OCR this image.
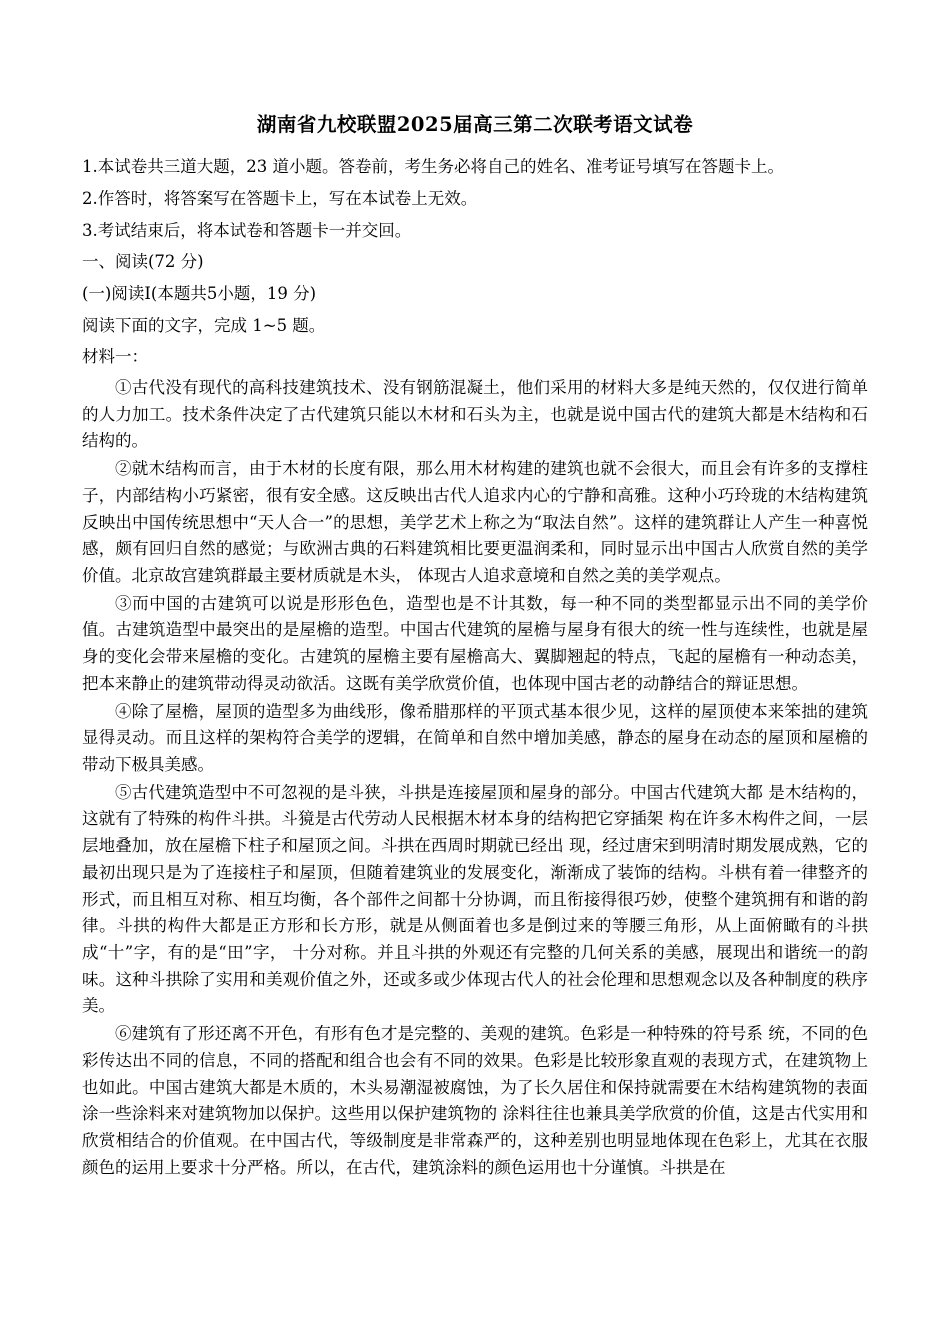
湖南省九校联盟2025届高三第二次联考语文试卷

1.本试卷共三道大题，23 道小题。答卷前，考生务必将自己的姓名、准考证号填写在答题卡上。

2.作答时，将答案写在答题卡上，写在本试卷上无效。

3.考试结束后，将本试卷和答题卡一并交回。

一、阅读(72 分)

(一)阅读Ⅰ(本题共5小题，19 分)

阅读下面的文字，完成 1~5 题。

材料一：

①古代没有现代的高科技建筑技术、没有钢筋混凝土，他们采用的材料大多是纯天然的，仅仅进行简单的人力加工。技术条件决定了古代建筑只能以木材和石头为主，也就是说中国古代的建筑大都是木结构和石结构的。

②就木结构而言，由于木材的长度有限，那么用木材构建的建筑也就不会很大，而且会有许多的支撑柱子，内部结构小巧紧密，很有安全感。这反映出古代人追求内心的宁静和高雅。这种小巧玲珑的木结构建筑反映出中国传统思想中“天人合一”的思想，美学艺术上称之为“取法自然”。这样的建筑群让人产生一种喜悦感，颇有回归自然的感觉；与欧洲古典的石料建筑相比要更温润柔和，同时显示出中国古人欣赏自然的美学价值。北京故宫建筑群最主要材质就是木头， 体现古人追求意境和自然之美的美学观点。

③而中国的古建筑可以说是形形色色，造型也是不计其数，每一种不同的类型都显示出不同的美学价值。古建筑造型中最突出的是屋檐的造型。中国古代建筑的屋檐与屋身有很大的统一性与连续性，也就是屋身的变化会带来屋檐的变化。古建筑的屋檐主要有屋檐高大、翼脚翘起的特点，飞起的屋檐有一种动态美，把本来静止的建筑带动得灵动欲活。这既有美学欣赏价值，也体现中国古老的动静结合的辩证思想。

④除了屋檐，屋顶的造型多为曲线形，像希腊那样的平顶式基本很少见，这样的屋顶使本来笨拙的建筑显得灵动。而且这样的架构符合美学的逻辑，在简单和自然中增加美感，静态的屋身在动态的屋顶和屋檐的带动下极具美感。

⑤古代建筑造型中不可忽视的是斗狭，斗拱是连接屋顶和屋身的部分。中国古代建筑大都 是木结构的，这就有了特殊的构件斗拱。斗獍是古代劳动人民根据木材本身的结构把它穿插架 构在许多木构件之间，一层层地叠加，放在屋檐下柱子和屋顶之间。斗拱在西周时期就已经出 现，经过唐宋到明清时期发展成熟，它的最初出现只是为了连接柱子和屋顶，但随着建筑业的发展变化，渐渐成了装饰的结构。斗栱有着一律整齐的形式，而且相互对称、相互均衡，各个部件之间都十分协调，而且衔接得很巧妙，使整个建筑拥有和谐的韵律。斗拱的构件大都是正方形和长方形，就是从侧面着也多是倒过来的等腰三角形，从上面俯瞰有的斗拱成“十”字，有的是“田”字， 十分对称。并且斗拱的外观还有完整的几何关系的美感，展现出和谐统一的韵味。这种斗拱除了实用和美观价值之外，还或多或少体现古代人的社会伦理和思想观念以及各种制度的秩序美。

⑥建筑有了形还离不开色，有形有色才是完整的、美观的建筑。色彩是一种特殊的符号系 统，不同的色彩传达出不同的信息，不同的搭配和组合也会有不同的效果。色彩是比较形象直观的表现方式，在建筑物上也如此。中国古建筑大都是木质的，木头易潮湿被腐蚀，为了长久居住和保持就需要在木结构建筑物的表面涂一些涂料来对建筑物加以保护。这些用以保护建筑物的 涂料往往也兼具美学欣赏的价值，这是古代实用和欣赏相结合的价值观。在中国古代，等级制度是非常森严的，这种差别也明显地体现在色彩上，尤其在衣服颜色的运用上要求十分严格。所以，在古代，建筑涂料的颜色运用也十分谨慎。斗拱是在
